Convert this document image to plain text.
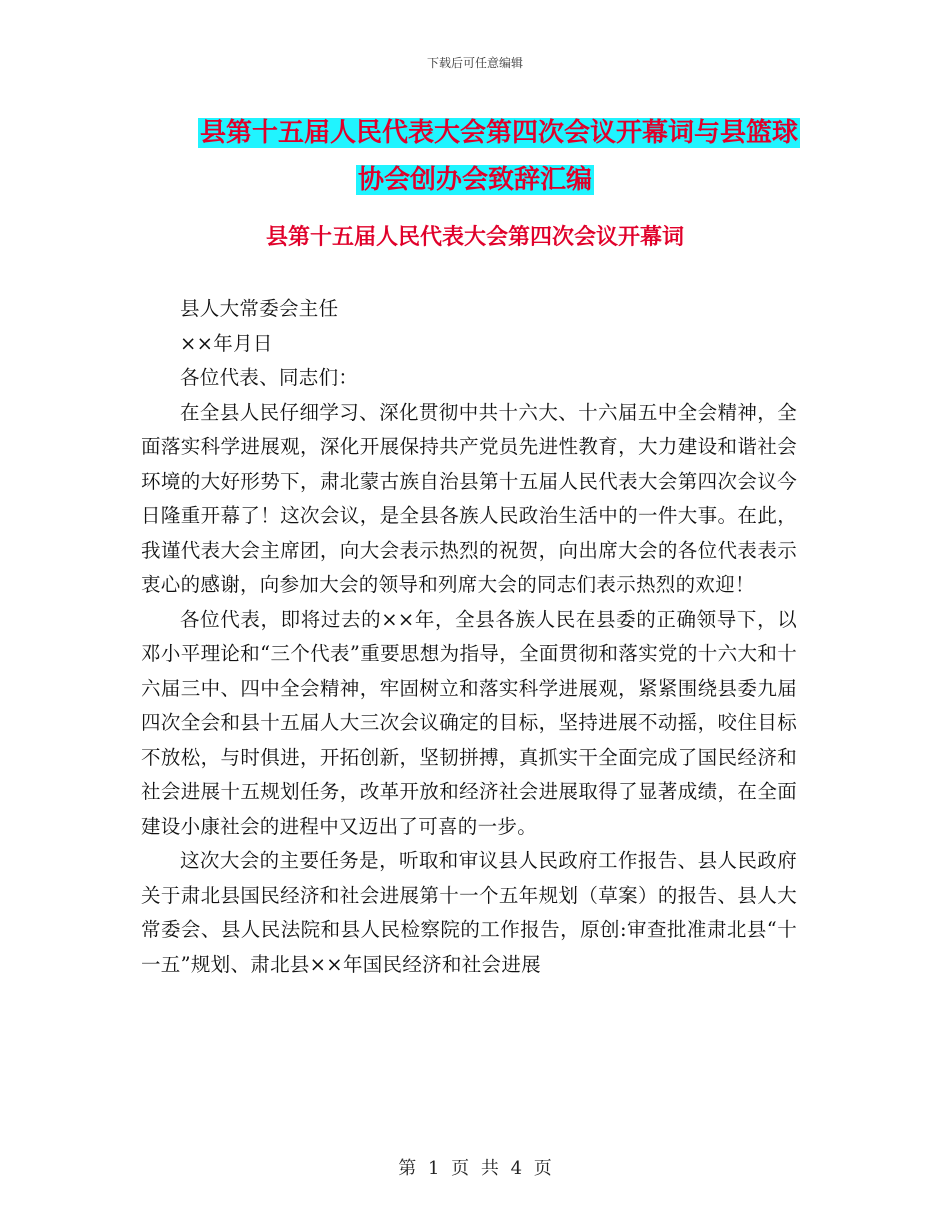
下载后可任意编辑
县第十五届人民代表大会第四次会议开幕词与县篮球
协会创办会致辞汇编
县第十五届人民代表大会第四次会议开幕词

县人大常委会主任

××年月日

各位代表、同志们：

在全县人民仔细学习、深化贯彻中共十六大、十六届五中全会精神，全面落实科学进展观，深化开展保持共产党员先进性教育，大力建设和谐社会环境的大好形势下，肃北蒙古族自治县第十五届人民代表大会第四次会议今日隆重开幕了！这次会议，是全县各族人民政治生活中的一件大事。在此，我谨代表大会主席团，向大会表示热烈的祝贺，向出席大会的各位代表表示衷心的感谢，向参加大会的领导和列席大会的同志们表示热烈的欢迎！

各位代表，即将过去的××年，全县各族人民在县委的正确领导下，以邓小平理论和“三个代表”重要思想为指导，全面贯彻和落实党的十六大和十六届三中、四中全会精神，牢固树立和落实科学进展观，紧紧围绕县委九届四次全会和县十五届人大三次会议确定的目标，坚持进展不动摇，咬住目标不放松，与时俱进，开拓创新，坚韧拼搏，真抓实干全面完成了国民经济和社会进展十五规划任务，改革开放和经济社会进展取得了显著成绩，在全面建设小康社会的进程中又迈出了可喜的一步。

这次大会的主要任务是，听取和审议县人民政府工作报告、县人民政府关于肃北县国民经济和社会进展第十一个五年规划（草案）的报告、县人大常委会、县人民法院和县人民检察院的工作报告，原创:审查批准肃北县“十一五”规划、肃北县××年国民经济和社会进展

第 1 页 共 4 页
